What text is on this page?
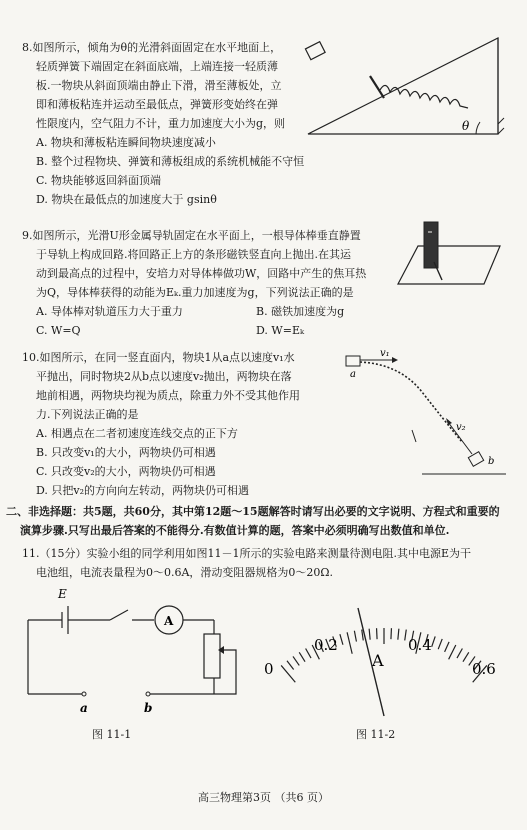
8.如图所示，倾角为θ的光滑斜面固定在水平地面上，

轻质弹簧下端固定在斜面底端，上端连接一轻质薄

板.一物块从斜面顶端由静止下滑，滑至薄板处，立

即和薄板粘连并运动至最低点，弹簧形变始终在弹

性限度内，空气阻力不计，重力加速度大小为g，则

A. 物块和薄板粘连瞬间物块速度减小

B. 整个过程物块、弹簧和薄板组成的系统机械能不守恒

C. 物块能够返回斜面顶端

D. 物块在最低点的加速度大于 gsinθ

θ

9.如图所示，光滑U形金属导轨固定在水平面上，一根导体棒垂直静置

于导轨上构成回路.将回路正上方的条形磁铁竖直向上抛出.在其运

动到最高点的过程中，安培力对导体棒做功W，回路中产生的焦耳热

为Q，导体棒获得的动能为Eₖ.重力加速度为g，下列说法正确的是

A. 导体棒对轨道压力大于重力	B. 磁铁加速度为g
C. W=Q	D. W=Eₖ

10.如图所示，在同一竖直面内，物块1从a点以速度v₁水

平抛出，同时物块2从b点以速度v₂抛出，两物块在落

地前相遇，两物块均视为质点，除重力外不受其他作用

力.下列说法正确的是

A. 相遇点在二者初速度连线交点的正下方

B. 只改变v₁的大小，两物块仍可相遇

C. 只改变v₂的大小，两物块仍可相遇

D. 只把v₂的方向向左转动，两物块仍可相遇

v₁
a
v₂
b

二、非选择题：共5题，共60分，其中第12题～15题解答时请写出必要的文字说明、方程式和重要的

演算步骤.只写出最后答案的不能得分.有数值计算的题，答案中必须明确写出数值和单位.

11.（15分）实验小组的同学利用如图11－1所示的实验电路来测量待测电阻.其中电源E为干

电池组，电流表量程为0～0.6A，滑动变阻器规格为0～20Ω.

E
A
a	b
图 11-1
0
0.2	0.4
0.6
A
图 11-2
高三物理第3页 （共6 页）
